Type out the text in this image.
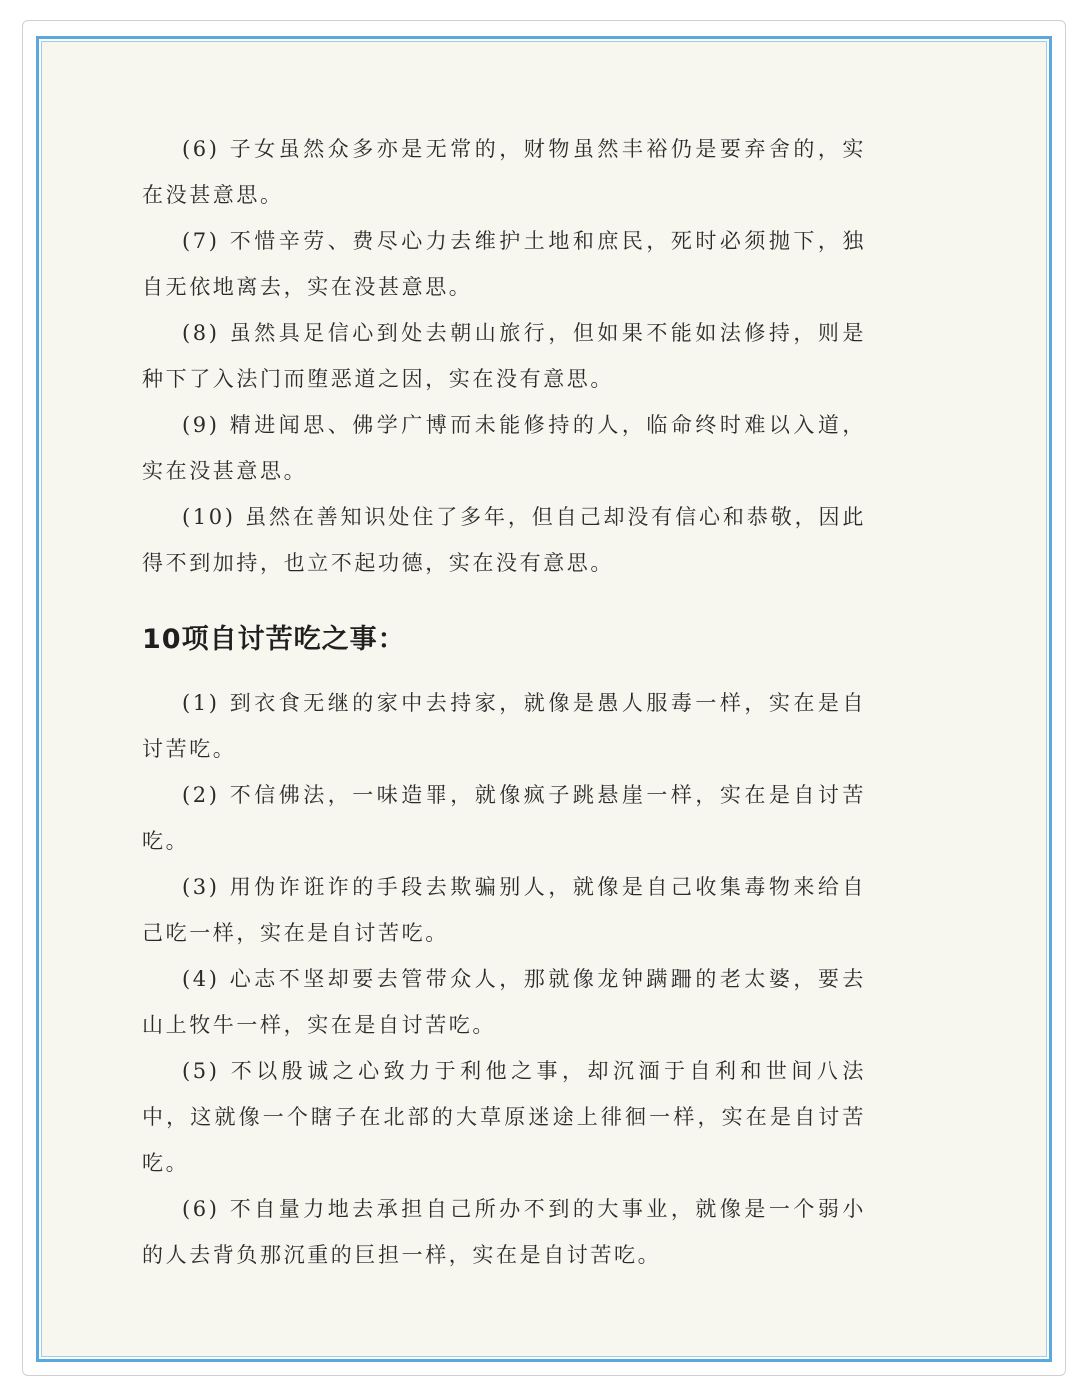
(6) 子女虽然众多亦是无常的，财物虽然丰裕仍是要弃舍的，实在没甚意思。

(7) 不惜辛劳、费尽心力去维护土地和庶民，死时必须抛下，独自无依地离去，实在没甚意思。

(8) 虽然具足信心到处去朝山旅行，但如果不能如法修持，则是种下了入法门而堕恶道之因，实在没有意思。

(9) 精进闻思、佛学广博而未能修持的人，临命终时难以入道，实在没甚意思。

(10) 虽然在善知识处住了多年，但自己却没有信心和恭敬，因此得不到加持，也立不起功德，实在没有意思。

10项自讨苦吃之事：

(1) 到衣食无继的家中去持家，就像是愚人服毒一样，实在是自讨苦吃。

(2) 不信佛法，一味造罪，就像疯子跳悬崖一样，实在是自讨苦吃。

(3) 用伪诈诳诈的手段去欺骗别人，就像是自己收集毒物来给自己吃一样，实在是自讨苦吃。

(4) 心志不坚却要去管带众人，那就像龙钟蹒跚的老太婆，要去山上牧牛一样，实在是自讨苦吃。

(5) 不以殷诚之心致力于利他之事，却沉湎于自利和世间八法中，这就像一个瞎子在北部的大草原迷途上徘徊一样，实在是自讨苦吃。

(6) 不自量力地去承担自己所办不到的大事业，就像是一个弱小的人去背负那沉重的巨担一样，实在是自讨苦吃。
